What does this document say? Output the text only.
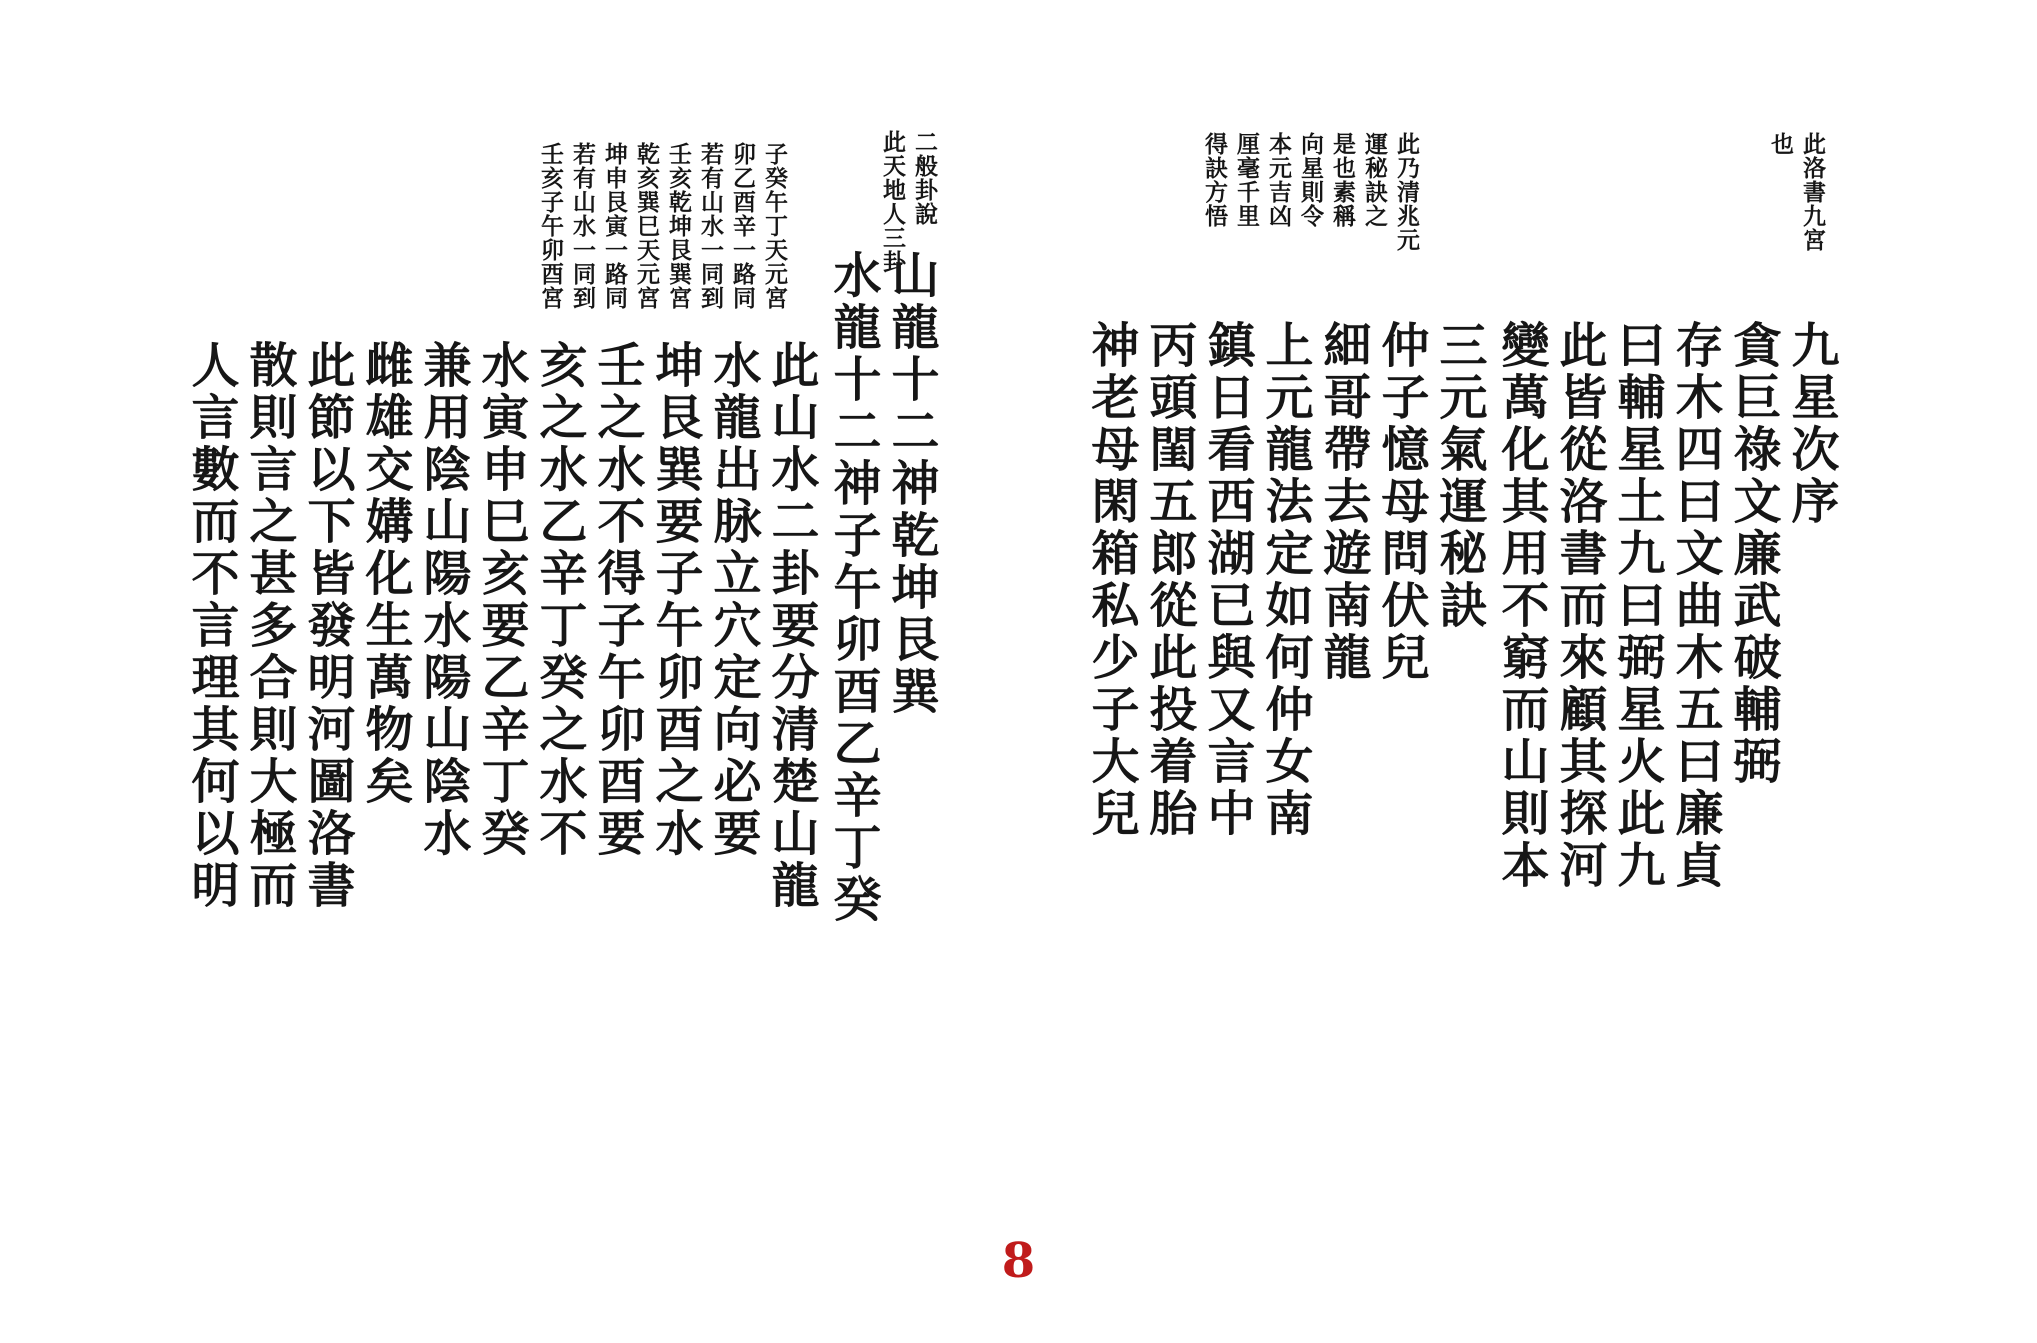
二般卦說
此天地人三卦
子癸午丁天元宮
卯乙酉辛一路同
若有山水一同到
壬亥乾坤艮巽宮
乾亥巽巳天元宮
坤申艮寅一路同
若有山水一同到
壬亥子午卯酉宮
山龍十二神乾坤艮巽
水龍十二神子午卯酉乙辛丁癸
此山水二卦要分清楚山龍
水龍出脉立穴定向必要
坤艮巽要子午卯酉之水
壬之水不得子午卯酉要
亥之水乙辛丁癸之水不
水寅申巳亥要乙辛丁癸
兼用陰山陽水陽山陰水
雌雄交媾化生萬物矣
此節以下皆發明河圖洛書
散則言之甚多合則大極而
人言數而不言理其何以明
此洛書九宮
也
此乃清兆元
運秘訣之
是也素稱
向星則令
本元吉凶
厘毫千里
得訣方悟
九星次序
貪巨祿文廉武破輔弼
存木四曰文曲木五曰廉貞
曰輔星土九曰弼星火此九
此皆從洛書而來顧其探河
變萬化其用不窮而山則本
三元氣運秘訣
仲子憶母問伏兒
細哥帶去遊南龍
上元龍法定如何仲女南
鎮日看西湖已與又言中
丙頭閨五郎從此投着胎
神老母閑箱私少子大兒
8
